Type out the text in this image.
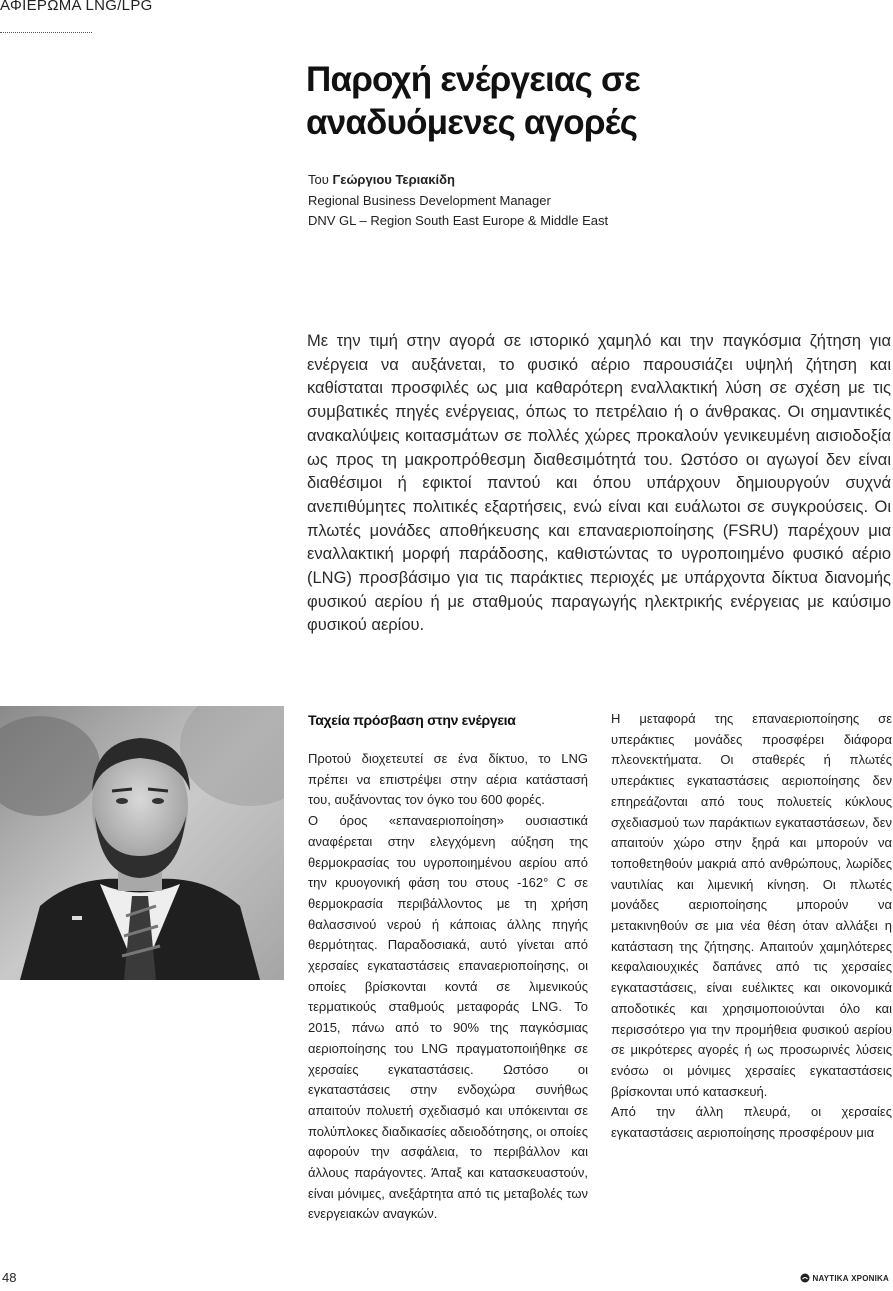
ΑΦΙΕΡΩΜΑ LNG/LPG
Παροχή ενέργειας σε
αναδυόμενες αγορές
Του Γεώργιου Τεριακίδη
Regional Business Development Manager
DNV GL – Region South East Europe & Middle East

Με την τιμή στην αγορά σε ιστορικό χαμηλό και την παγκόσμια ζήτηση για ενέργεια να αυξάνεται, το φυσικό αέριο παρουσιάζει υψηλή ζήτηση και καθίσταται προσφιλές ως μια καθαρότερη εναλλακτική λύση σε σχέση με τις συμβατικές πηγές ενέργειας, όπως το πετρέλαιο ή ο άνθρακας. Οι σημαντικές ανακαλύψεις κοιτασμάτων σε πολλές χώρες προκαλούν γενικευμένη αισιοδοξία ως προς τη μακροπρόθεσμη διαθεσιμότητά του. Ωστόσο οι αγωγοί δεν είναι διαθέσιμοι ή εφικτοί παντού και όπου υπάρχουν δημιουργούν συχνά ανεπιθύμητες πολιτικές εξαρτήσεις, ενώ είναι και ευάλωτοι σε συγκρούσεις. Οι πλωτές μονάδες αποθήκευσης και επαναεριοποίησης (FSRU) παρέχουν μια εναλλακτική μορφή παράδοσης, καθιστώντας το υγροποιημένο φυσικό αέριο (LNG) προσβάσιμο για τις παράκτιες περιοχές με υπάρχοντα δίκτυα διανομής φυσικού αερίου ή με σταθμούς παραγωγής ηλεκτρικής ενέργειας με καύσιμο φυσικού αερίου.

Ταχεία πρόσβαση στην ενέργεια

Προτού διοχετευτεί σε ένα δίκτυο, το LNG πρέπει να επιστρέψει στην αέρια κατάστασή του, αυξάνοντας τον όγκο του 600 φορές.

Ο όρος «επαναεριοποίηση» ουσιαστικά αναφέρεται στην ελεγχόμενη αύξηση της θερμοκρασίας του υγροποιημένου αερίου από την κρυογονική φάση του στους -162° C σε θερμοκρασία περιβάλλοντος με τη χρήση θαλασσινού νερού ή κάποιας άλλης πηγής θερμότητας. Παραδοσιακά, αυτό γίνεται από χερσαίες εγκαταστάσεις επαναεριοποίησης, οι οποίες βρίσκονται κοντά σε λιμενικούς τερματικούς σταθμούς μεταφοράς LNG. Το 2015, πάνω από το 90% της παγκόσμιας αεριοποίησης του LNG πραγματοποιήθηκε σε χερσαίες εγκαταστάσεις. Ωστόσο οι εγκαταστάσεις στην ενδοχώρα συνήθως απαιτούν πολυετή σχεδιασμό και υπόκεινται σε πολύπλοκες διαδικασίες αδειοδότησης, οι οποίες αφορούν την ασφάλεια, το περιβάλλον και άλλους παράγοντες. Άπαξ και κατασκευαστούν, είναι μόνιμες, ανεξάρτητα από τις μεταβολές των ενεργειακών αναγκών.

Η μεταφορά της επαναεριοποίησης σε υπεράκτιες μονάδες προσφέρει διάφορα πλεονεκτήματα. Οι σταθερές ή πλωτές υπεράκτιες εγκαταστάσεις αεριοποίησης δεν επηρεάζονται από τους πολυετείς κύκλους σχεδιασμού των παράκτιων εγκαταστάσεων, δεν απαιτούν χώρο στην ξηρά και μπορούν να τοποθετηθούν μακριά από ανθρώπους, λωρίδες ναυτιλίας και λιμενική κίνηση. Οι πλωτές μονάδες αεριοποίησης μπορούν να μετακινηθούν σε μια νέα θέση όταν αλλάξει η κατάσταση της ζήτησης. Απαιτούν χαμηλότερες κεφαλαιουχικές δαπάνες από τις χερσαίες εγκαταστάσεις, είναι ευέλικτες και οικονομικά αποδοτικές και χρησιμοποιούνται όλο και περισσότερο για την προμήθεια φυσικού αερίου σε μικρότερες αγορές ή ως προσωρινές λύσεις ενόσω οι μόνιμες χερσαίες εγκαταστάσεις βρίσκονται υπό κατασκευή.

Από την άλλη πλευρά, οι χερσαίες εγκαταστάσεις αεριοποίησης προσφέρουν μια

48	ΝΑΥΤΙΚΑ ΧΡΟΝΙΚΑ
